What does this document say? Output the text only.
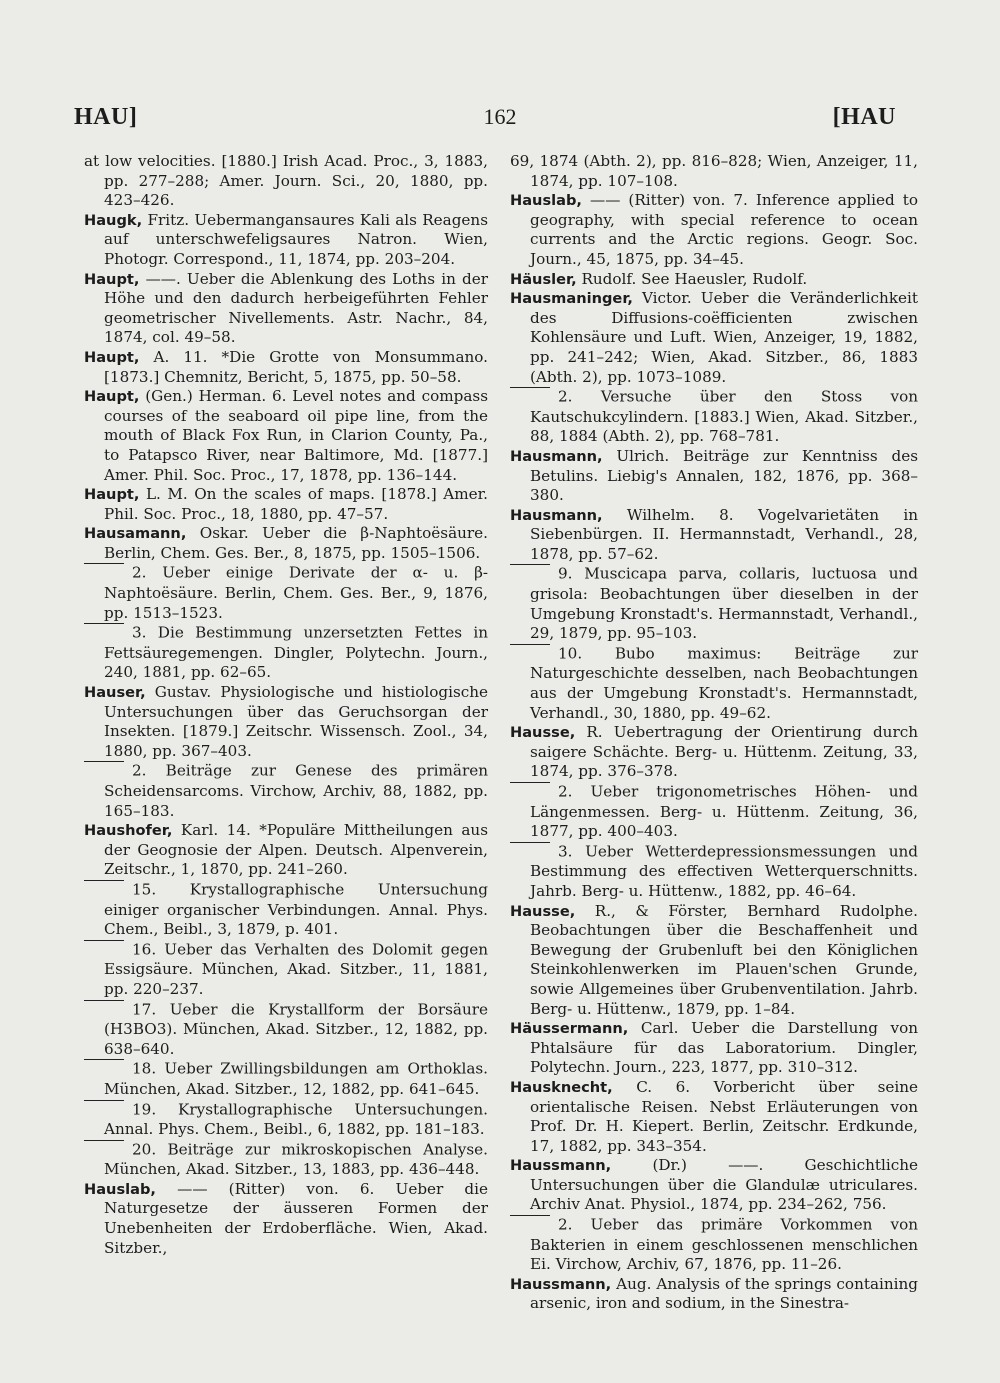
HAU]	162	[HAU

at low velocities. [1880.] Irish Acad. Proc., 3, 1883, pp. 277–288; Amer. Journ. Sci., 20, 1880, pp. 423–426.

Haugk, Fritz. Uebermangansaures Kali als Reagens auf unterschwefeligsaures Natron. Wien, Photogr. Correspond., 11, 1874, pp. 203–204.

Haupt, ——. Ueber die Ablenkung des Loths in der Höhe und den dadurch herbeigeführten Fehler geometrischer Nivellements. Astr. Nachr., 84, 1874, col. 49–58.

Haupt, A. 11. *Die Grotte von Monsummano. [1873.] Chemnitz, Bericht, 5, 1875, pp. 50–58.

Haupt, (Gen.) Herman. 6. Level notes and compass courses of the seaboard oil pipe line, from the mouth of Black Fox Run, in Clarion County, Pa., to Patapsco River, near Baltimore, Md. [1877.] Amer. Phil. Soc. Proc., 17, 1878, pp. 136–144.

Haupt, L. M. On the scales of maps. [1878.] Amer. Phil. Soc. Proc., 18, 1880, pp. 47–57.

Hausamann, Oskar. Ueber die β-Naphtoësäure. Berlin, Chem. Ges. Ber., 8, 1875, pp. 1505–1506.

2. Ueber einige Derivate der α- u. β-Naphtoësäure. Berlin, Chem. Ges. Ber., 9, 1876, pp. 1513–1523.

3. Die Bestimmung unzersetzten Fettes in Fettsäuregemengen. Dingler, Polytechn. Journ., 240, 1881, pp. 62–65.

Hauser, Gustav. Physiologische und histiologische Untersuchungen über das Geruchsorgan der Insekten. [1879.] Zeitschr. Wissensch. Zool., 34, 1880, pp. 367–403.

2. Beiträge zur Genese des primären Scheidensarcoms. Virchow, Archiv, 88, 1882, pp. 165–183.

Haushofer, Karl. 14. *Populäre Mittheilungen aus der Geognosie der Alpen. Deutsch. Alpenverein, Zeitschr., 1, 1870, pp. 241–260.

15. Krystallographische Untersuchung einiger organischer Verbindungen. Annal. Phys. Chem., Beibl., 3, 1879, p. 401.

16. Ueber das Verhalten des Dolomit gegen Essigsäure. München, Akad. Sitzber., 11, 1881, pp. 220–237.

17. Ueber die Krystallform der Borsäure (H3BO3). München, Akad. Sitzber., 12, 1882, pp. 638–640.

18. Ueber Zwillingsbildungen am Orthoklas. München, Akad. Sitzber., 12, 1882, pp. 641–645.

19. Krystallographische Untersuchungen. Annal. Phys. Chem., Beibl., 6, 1882, pp. 181–183.

20. Beiträge zur mikroskopischen Analyse. München, Akad. Sitzber., 13, 1883, pp. 436–448.

Hauslab, —— (Ritter) von. 6. Ueber die Naturgesetze der äusseren Formen der Unebenheiten der Erdoberfläche. Wien, Akad. Sitzber.,

69, 1874 (Abth. 2), pp. 816–828; Wien, Anzeiger, 11, 1874, pp. 107–108.

Hauslab, —— (Ritter) von. 7. Inference applied to geography, with special reference to ocean currents and the Arctic regions. Geogr. Soc. Journ., 45, 1875, pp. 34–45.

Häusler, Rudolf. See Haeusler, Rudolf.

Hausmaninger, Victor. Ueber die Veränderlichkeit des Diffusions-coëfficienten zwischen Kohlensäure und Luft. Wien, Anzeiger, 19, 1882, pp. 241–242; Wien, Akad. Sitzber., 86, 1883 (Abth. 2), pp. 1073–1089.

2. Versuche über den Stoss von Kautschukcylindern. [1883.] Wien, Akad. Sitzber., 88, 1884 (Abth. 2), pp. 768–781.

Hausmann, Ulrich. Beiträge zur Kenntniss des Betulins. Liebig's Annalen, 182, 1876, pp. 368–380.

Hausmann, Wilhelm. 8. Vogelvarietäten in Siebenbürgen. II. Hermannstadt, Verhandl., 28, 1878, pp. 57–62.

9. Muscicapa parva, collaris, luctuosa und grisola: Beobachtungen über dieselben in der Umgebung Kronstadt's. Hermannstadt, Verhandl., 29, 1879, pp. 95–103.

10. Bubo maximus: Beiträge zur Naturgeschichte desselben, nach Beobachtungen aus der Umgebung Kronstadt's. Hermannstadt, Verhandl., 30, 1880, pp. 49–62.

Hausse, R. Uebertragung der Orientirung durch saigere Schächte. Berg- u. Hüttenm. Zeitung, 33, 1874, pp. 376–378.

2. Ueber trigonometrisches Höhen- und Längenmessen. Berg- u. Hüttenm. Zeitung, 36, 1877, pp. 400–403.

3. Ueber Wetterdepressionsmessungen und Bestimmung des effectiven Wetterquerschnitts. Jahrb. Berg- u. Hüttenw., 1882, pp. 46–64.

Hausse, R., & Förster, Bernhard Rudolphe. Beobachtungen über die Beschaffenheit und Bewegung der Grubenluft bei den Königlichen Steinkohlenwerken im Plauen'schen Grunde, sowie Allgemeines über Grubenventilation. Jahrb. Berg- u. Hüttenw., 1879, pp. 1–84.

Häussermann, Carl. Ueber die Darstellung von Phtalsäure für das Laboratorium. Dingler, Polytechn. Journ., 223, 1877, pp. 310–312.

Hausknecht, C. 6. Vorbericht über seine orientalische Reisen. Nebst Erläuterungen von Prof. Dr. H. Kiepert. Berlin, Zeitschr. Erdkunde, 17, 1882, pp. 343–354.

Haussmann,	(Dr.) ——. Geschichtliche Untersuchungen über die Glandulæ utriculares. Archiv Anat. Physiol., 1874, pp. 234–262, 756.

2. Ueber das primäre Vorkommen von Bakterien in einem geschlossenen menschlichen Ei. Virchow, Archiv, 67, 1876, pp. 11–26.

Haussmann, Aug. Analysis of the springs containing arsenic, iron and sodium, in the Sinestra-
